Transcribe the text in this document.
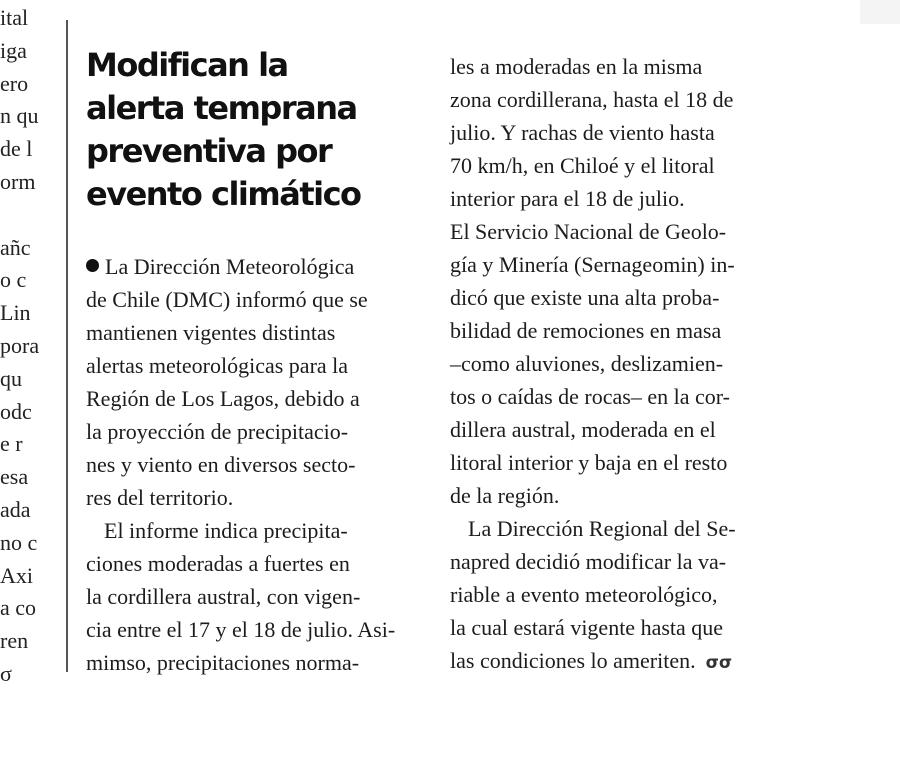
ital
iga
ero
n qu
de l
orm

añc
o c
Lin
pora
qu
odc
e r
esa
ada
no c
Axi
a co
ren
σ
Modifican la
alerta temprana
preventiva por
evento climático

La Dirección Meteorológica
de Chile (DMC) informó que se
mantienen vigentes distintas
alertas meteorológicas para la
Región de Los Lagos, debido a
la proyección de precipitacio-
nes y viento en diversos secto-
res del territorio.

El informe indica precipita-
ciones moderadas a fuertes en
la cordillera austral, con vigen-
cia entre el 17 y el 18 de julio. Asi-
mimso, precipitaciones norma-

les a moderadas en la misma
zona cordillerana, hasta el 18 de
julio. Y rachas de viento hasta
70 km/h, en Chiloé y el litoral
interior para el 18 de julio.

El Servicio Nacional de Geolo-
gía y Minería (Sernageomin) in-
dicó que existe una alta proba-
bilidad de remociones en masa
–como aluviones, deslizamien-
tos o caídas de rocas– en la cor-
dillera austral, moderada en el
litoral interior y baja en el resto
de la región.

La Dirección Regional del Se-
napred decidió modificar la va-
riable a evento meteorológico,
la cual estará vigente hasta que
las condiciones lo ameriten. σσ
